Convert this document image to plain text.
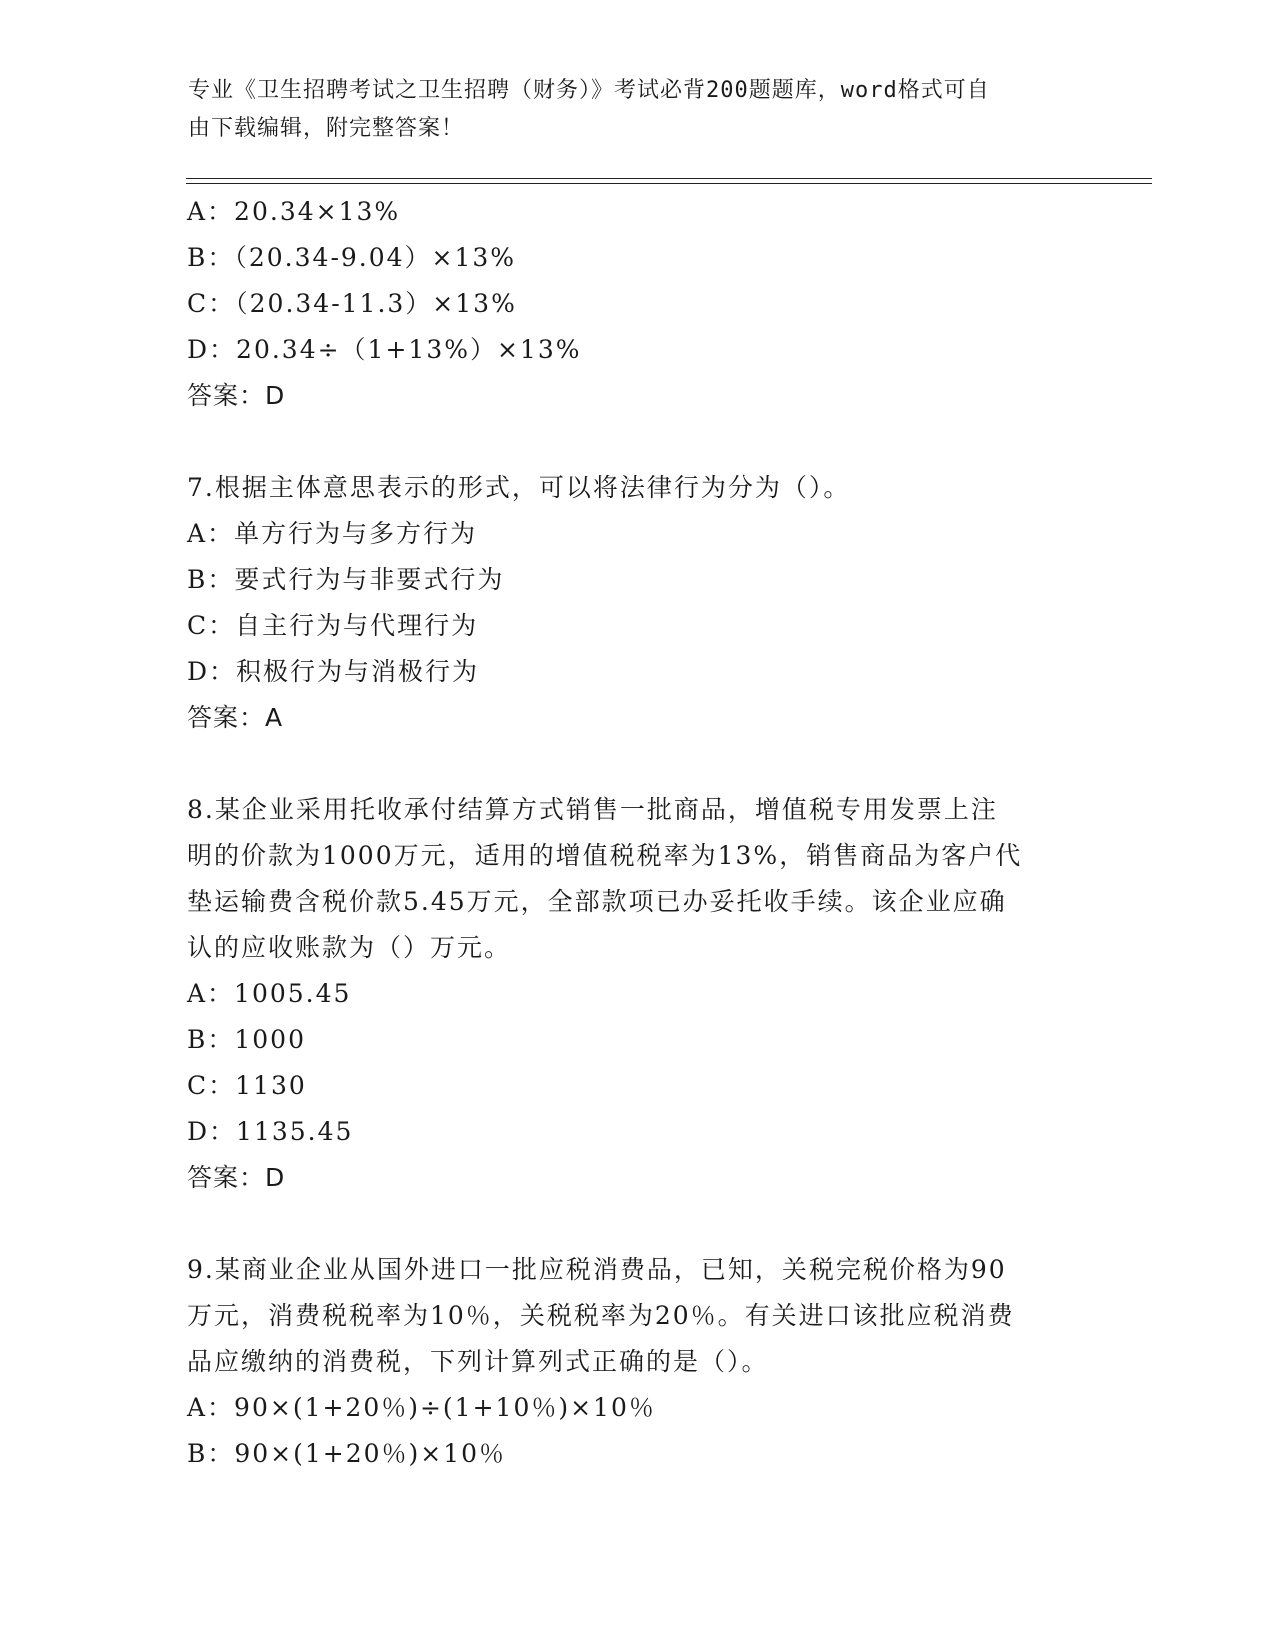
专业《卫生招聘考试之卫生招聘（财务）》考试必背200题题库，word格式可自
由下载编辑，附完整答案！
A：20.34×13%
B：（20.34-9.04）×13%
C：（20.34-11.3）×13%
D：20.34÷（1+13%）×13%
答案：D
7.根据主体意思表示的形式，可以将法律行为分为（）。
A：单方行为与多方行为
B：要式行为与非要式行为
C：自主行为与代理行为
D：积极行为与消极行为
答案：A
8.某企业采用托收承付结算方式销售一批商品，增值税专用发票上注
明的价款为1000万元，适用的增值税税率为13%，销售商品为客户代
垫运输费含税价款5.45万元，全部款项已办妥托收手续。该企业应确
认的应收账款为（）万元。
A：1005.45
B：1000
C：1130
D：1135.45
答案：D
9.某商业企业从国外进口一批应税消费品，已知，关税完税价格为90
万元，消费税税率为10％，关税税率为20％。有关进口该批应税消费
品应缴纳的消费税，下列计算列式正确的是（）。
A：90×(1+20％)÷(1+10％)×10％
B：90×(1+20％)×10％
